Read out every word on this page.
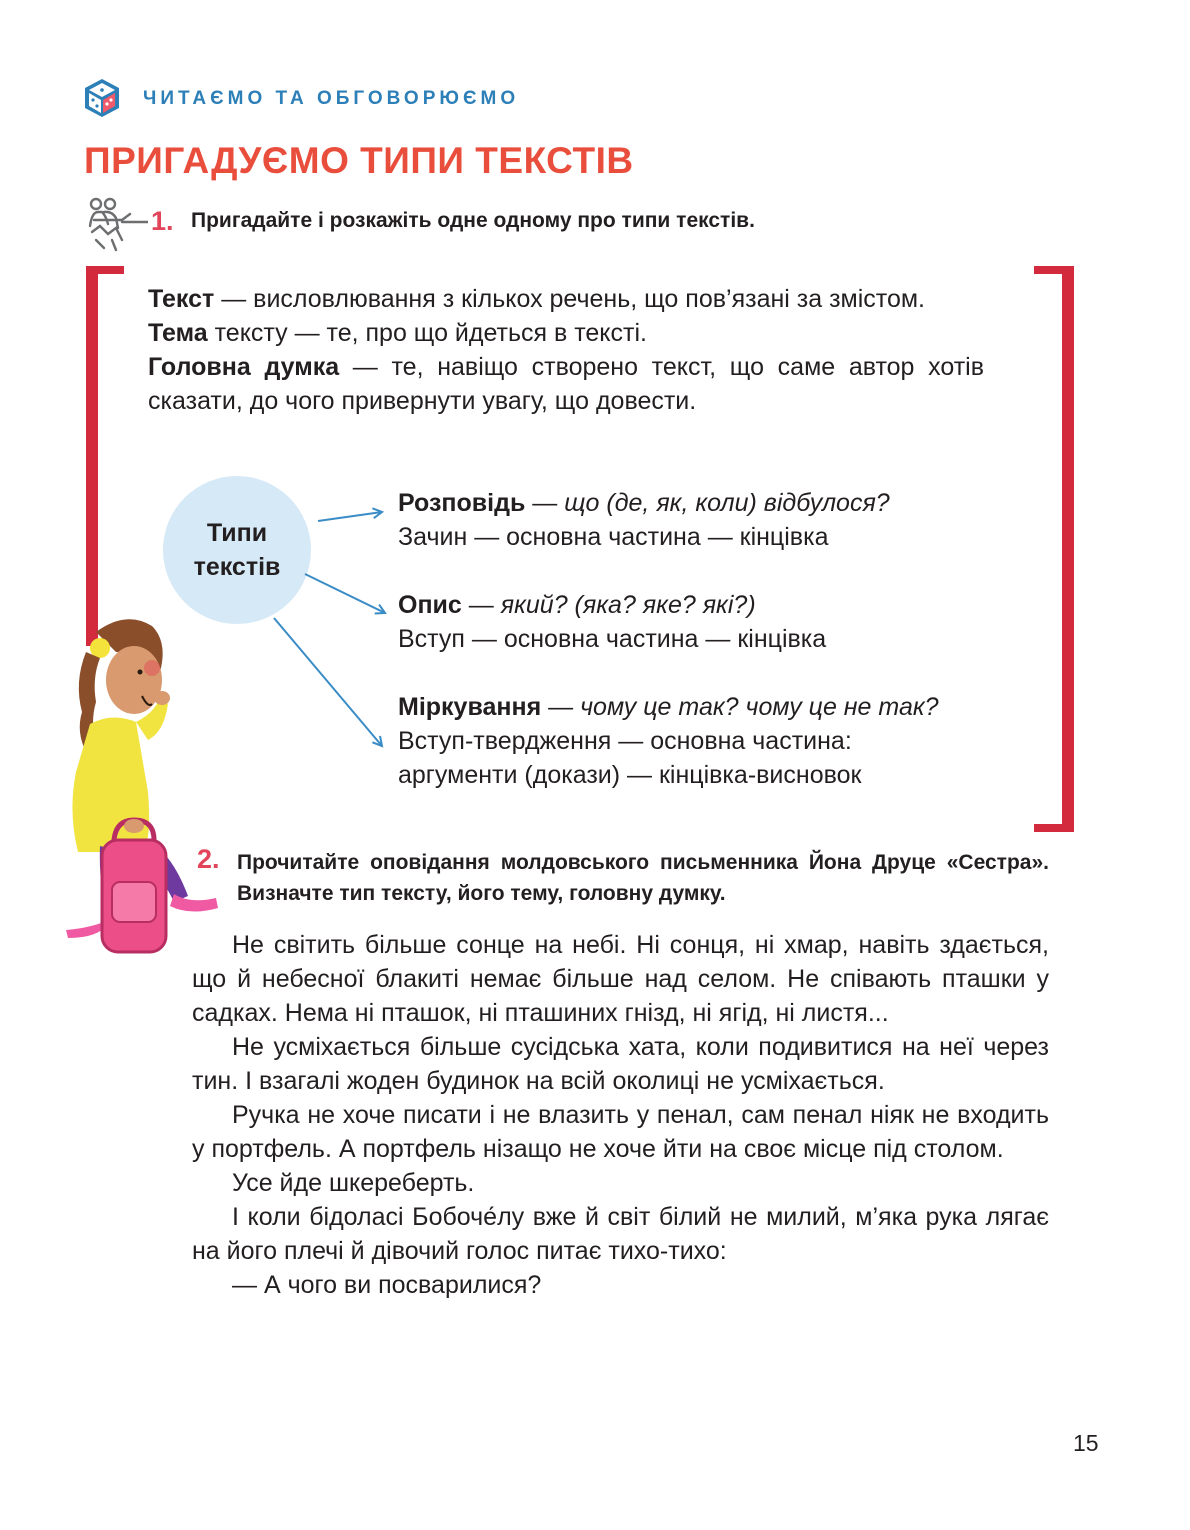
ЧИТАЄМО ТА ОБГОВОРЮЄМО
ПРИГАДУЄМО ТИПИ ТЕКСТІВ
1. Пригадайте і розкажіть одне одному про типи текстів.

Текст — висловлювання з кількох речень, що пов’язані за змістом.

Тема тексту — те, про що йдеться в тексті.

Головна думка — те, навіщо створено текст, що саме автор хотів сказати, до чого привернути увагу, що довести.

Типи
текстів
Розповідь — що (де, як, коли) відбулося?
Зачин — основна частина — кінцівка
Опис — який? (яка? яке? які?)
Вступ — основна частина — кінцівка
Міркування — чому це так? чому це не так?
Вступ-твердження — основна частина: аргументи (докази) — кінцівка-висновок
2. Прочитайте оповідання молдовського письменника Йона Друце «Сестра». Визначте тип тексту, його тему, головну думку.

Не світить більше сонце на небі. Ні сонця, ні хмар, навіть здається, що й небесної блакиті немає більше над селом. Не співають пташки у садках. Нема ні пташок, ні пташиних гнізд, ні ягід, ні листя...

Не усміхається більше сусідська хата, коли подивитися на неї через тин. І взагалі жоден будинок на всій околиці не усміхається.

Ручка не хоче писати і не влазить у пенал, сам пенал ніяк не входить у портфель. А портфель нізащо не хоче йти на своє місце під столом.

Усе йде шкереберть.

І коли бідоласі Бобоче́лу вже й світ білий не милий, м’яка рука лягає на його плечі й дівочий голос питає тихо-тихо:

— А чого ви посварилися?

15
